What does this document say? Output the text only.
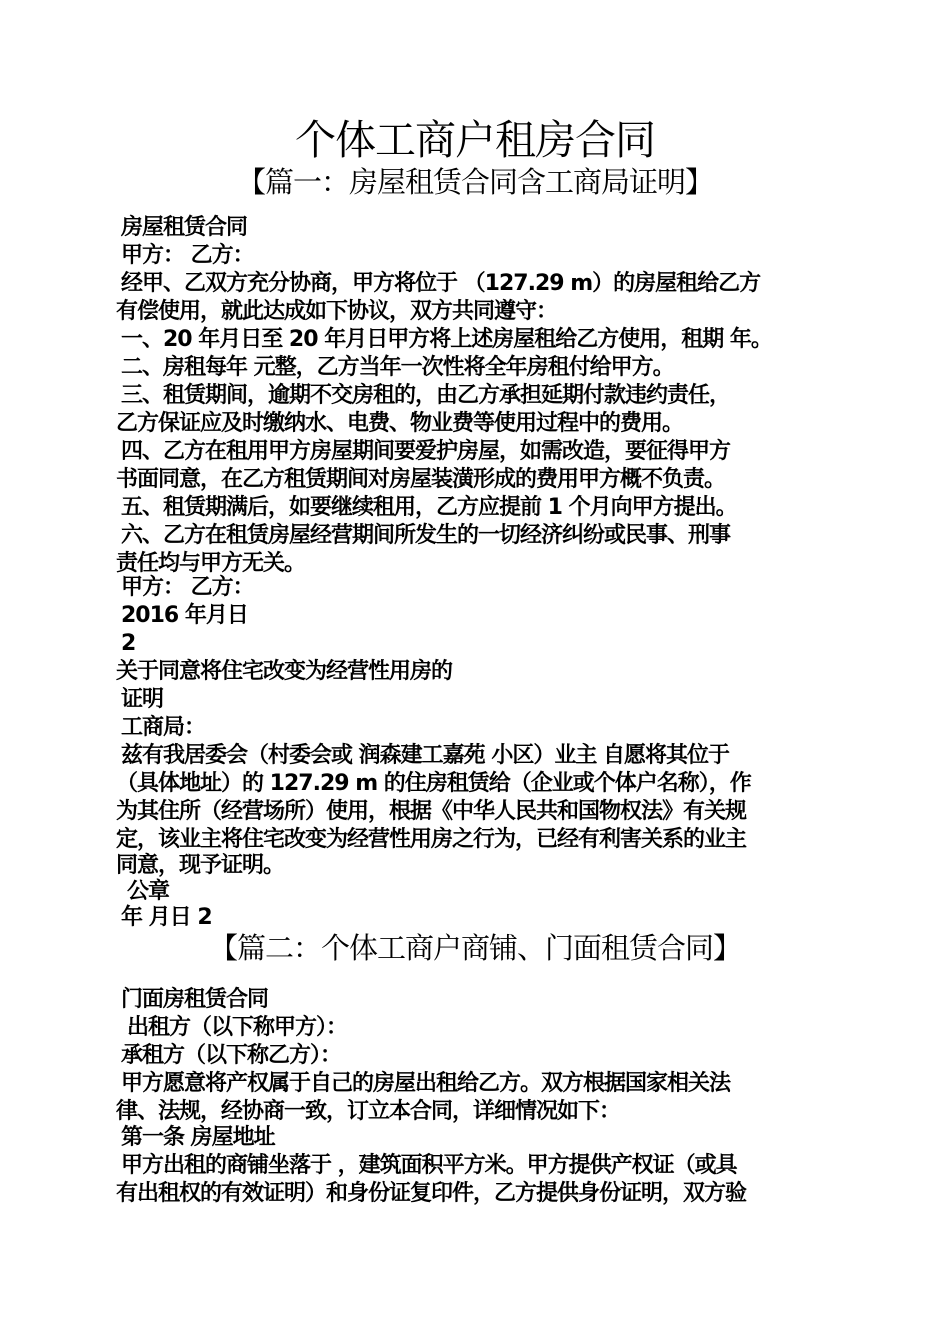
个体工商户租房合同
【篇一：房屋租赁合同含工商局证明】
房屋租赁合同
甲方： 乙方：
经甲、乙双方充分协商，甲方将位于 （127.29 m）的房屋租给乙方
有偿使用，就此达成如下协议，双方共同遵守：
一、20 年月日至 20 年月日甲方将上述房屋租给乙方使用，租期 年。
二、房租每年 元整，乙方当年一次性将全年房租付给甲方。
三、租赁期间，逾期不交房租的，由乙方承担延期付款违约责任，
乙方保证应及时缴纳水、电费、物业费等使用过程中的费用。
四、乙方在租用甲方房屋期间要爱护房屋，如需改造，要征得甲方
书面同意，在乙方租赁期间对房屋装潢形成的费用甲方概不负责。
五、租赁期满后，如要继续租用，乙方应提前 1 个月向甲方提出。
六、乙方在租赁房屋经营期间所发生的一切经济纠纷或民事、刑事
责任均与甲方无关。
甲方： 乙方：
2016 年月日
2
关于同意将住宅改变为经营性用房的
证明
工商局：
兹有我居委会（村委会或 润森建工嘉苑 小区）业主 自愿将其位于
（具体地址）的 127.29 m 的住房租赁给（企业或个体户名称），作
为其住所（经营场所）使用，根据《中华人民共和国物权法》有关规
定，该业主将住宅改变为经营性用房之行为，已经有利害关系的业主
同意，现予证明。
公章
年 月日 2
【篇二：个体工商户商铺、门面租赁合同】
门面房租赁合同
出租方（以下称甲方）：
承租方（以下称乙方）：
甲方愿意将产权属于自己的房屋出租给乙方。双方根据国家相关法
律、法规，经协商一致，订立本合同，详细情况如下：
第一条 房屋地址
甲方出租的商铺坐落于 ，建筑面积平方米。甲方提供产权证（或具
有出租权的有效证明）和身份证复印件，乙方提供身份证明，双方验
